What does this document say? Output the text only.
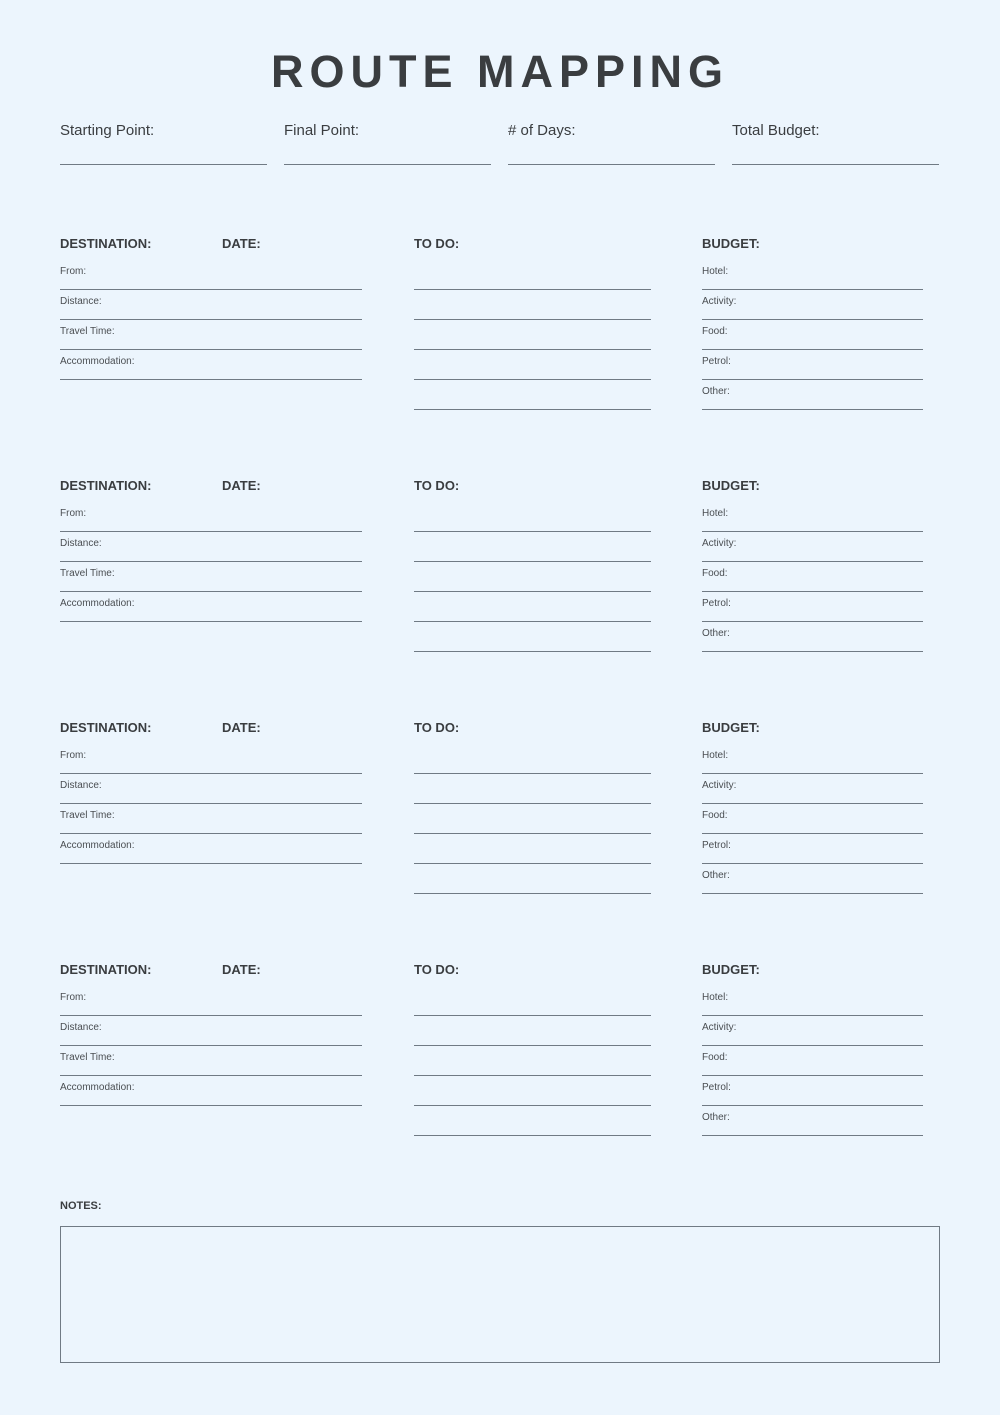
ROUTE MAPPING
Starting Point:	Final Point:	# of Days:	Total Budget:
DESTINATION:	DATE:	TO DO:	BUDGET:
From:
Distance:
Travel Time:
Accommodation:
Hotel:
Activity:
Food:
Petrol:
Other:
DESTINATION:	DATE:	TO DO:	BUDGET:
From:
Distance:
Travel Time:
Accommodation:
Hotel:
Activity:
Food:
Petrol:
Other:
DESTINATION:	DATE:	TO DO:	BUDGET:
From:
Distance:
Travel Time:
Accommodation:
Hotel:
Activity:
Food:
Petrol:
Other:
DESTINATION:	DATE:	TO DO:	BUDGET:
From:
Distance:
Travel Time:
Accommodation:
Hotel:
Activity:
Food:
Petrol:
Other:
NOTES:
